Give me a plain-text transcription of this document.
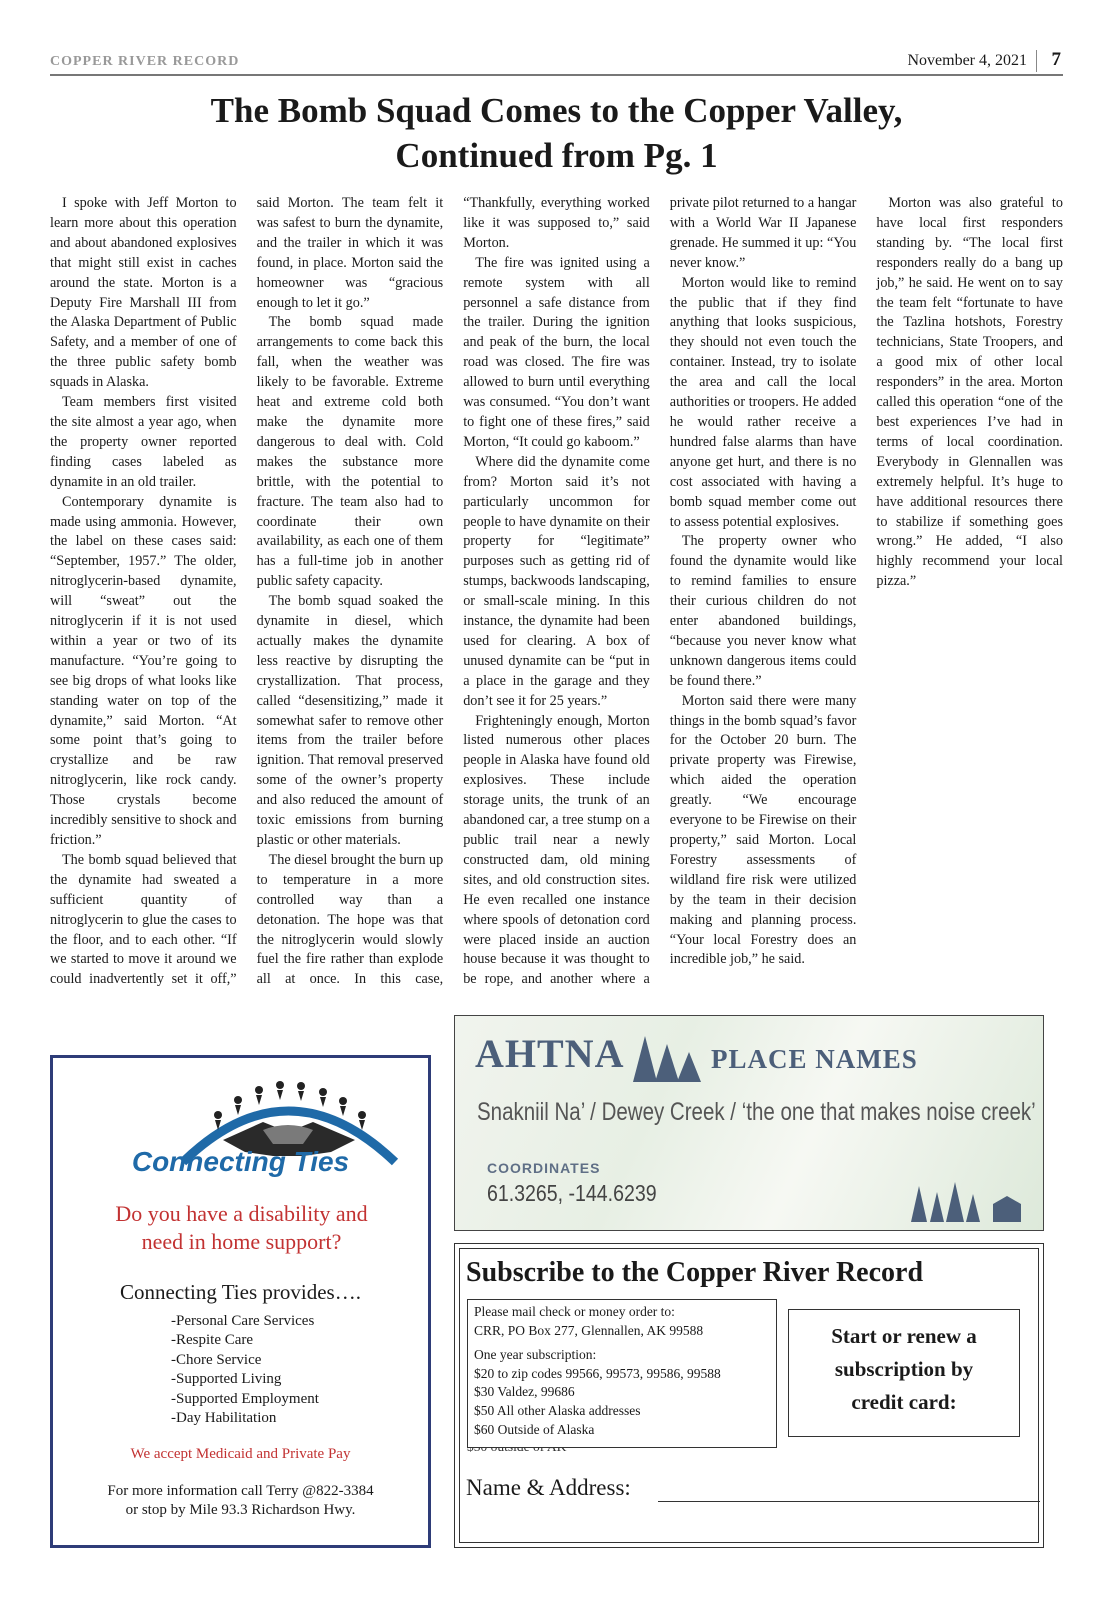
COPPER RIVER RECORD	November 4, 2021 7
The Bomb Squad Comes to the Copper Valley,
Continued from Pg. 1

I spoke with Jeff Morton to learn more about this operation and about abandoned explosives that might still exist in caches around the state. Morton is a Deputy Fire Marshall III from the Alaska Department of Public Safety, and a member of one of the three public safety bomb squads in Alaska.

Team members first visited the site almost a year ago, when the property owner reported finding cases labeled as dynamite in an old trailer.

Contemporary dynamite is made using ammonia. However, the label on these cases said: “September, 1957.” The older, nitroglycerin-based dynamite, will “sweat” out the nitroglycerin if it is not used within a year or two of its manufacture. “You’re going to see big drops of what looks like standing water on top of the dynamite,” said Morton. “At some point that’s going to crystallize and be raw nitroglycerin, like rock candy. Those crystals become incredibly sensitive to shock and friction.”

The bomb squad believed that the dynamite had sweated a sufficient quantity of nitroglycerin to glue the cases to the floor, and to each other. “If we started to move it around we could inadvertently set it off,” said Morton. The team felt it was safest to burn the dynamite, and the trailer in which it was found, in place. Morton said the homeowner was “gracious enough to let it go.”

The bomb squad made arrangements to come back this fall, when the weather was likely to be favorable. Extreme heat and extreme cold both make the dynamite more dangerous to deal with. Cold makes the substance more brittle, with the potential to fracture. The team also had to coordinate their own availability, as each one of them has a full-time job in another public safety capacity.

The bomb squad soaked the dynamite in diesel, which actually makes the dynamite less reactive by disrupting the crystallization. That process, called “desensitizing,” made it somewhat safer to remove other items from the trailer before ignition. That removal preserved some of the owner’s property and also reduced the amount of toxic emissions from burning plastic or other materials.

The diesel brought the burn up to temperature in a more controlled way than a detonation. The hope was that the nitroglycerin would slowly fuel the fire rather than explode all at once. In this case, “Thankfully, everything worked like it was supposed to,” said Morton.

The fire was ignited using a remote system with all personnel a safe distance from the trailer. During the ignition and peak of the burn, the local road was closed. The fire was allowed to burn until everything was consumed. “You don’t want to fight one of these fires,” said Morton, “It could go kaboom.”

Where did the dynamite come from? Morton said it’s not particularly uncommon for people to have dynamite on their property for “legitimate” purposes such as getting rid of stumps, backwoods landscaping, or small-scale mining. In this instance, the dynamite had been used for clearing. A box of unused dynamite can be “put in a place in the garage and they don’t see it for 25 years.”

Frighteningly enough, Morton listed numerous other places people in Alaska have found old explosives. These include storage units, the trunk of an abandoned car, a tree stump on a public trail near a newly constructed dam, old mining sites, and old construction sites. He even recalled one instance where spools of detonation cord were placed inside an auction house because it was thought to be rope, and another where a private pilot returned to a hangar with a World War II Japanese grenade. He summed it up: “You never know.”

Morton would like to remind the public that if they find anything that looks suspicious, they should not even touch the container. Instead, try to isolate the area and call the local authorities or troopers. He added he would rather receive a hundred false alarms than have anyone get hurt, and there is no cost associated with having a bomb squad member come out to assess potential explosives.

The property owner who found the dynamite would like to remind families to ensure their curious children do not enter abandoned buildings, “because you never know what unknown dangerous items could be found there.”

Morton said there were many things in the bomb squad’s favor for the October 20 burn. The private property was Firewise, which aided the operation greatly. “We encourage everyone to be Firewise on their property,” said Morton. Local Forestry assessments of wildland fire risk were utilized by the team in their decision making and planning process. “Your local Forestry does an incredible job,” he said.

Morton was also grateful to have local first responders standing by. “The local first responders really do a bang up job,” he said. He went on to say the team felt “fortunate to have the Tazlina hotshots, Forestry technicians, State Troopers, and a good mix of other local responders” in the area. Morton called this operation “one of the best experiences I’ve had in terms of local coordination. Everybody in Glennallen was extremely helpful. It’s huge to have additional resources there to stabilize if something goes wrong.” He added, “I also highly recommend your local pizza.”

Connecting Ties
Do you have a disability and
need in home support?
Connecting Ties provides….
-Personal Care Services
-Respite Care
-Chore Service
-Supported Living
-Supported Employment
-Day Habilitation
We accept Medicaid and Private Pay
For more information call Terry @822-3384
or stop by Mile 93.3 Richardson Hwy.
AHTNA	PLACE NAMES
Snakniil Na’ / Dewey Creek / ‘the one that makes noise creek’
COORDINATES
61.3265, -144.6239
Subscribe to the Copper River Record
Please mail check or money order to:
CRR, PO Box 277, Glennallen, AK 99588
One year subscription:
$20 to zip codes 99566, 99573, 99586, 99588
$30 Valdez, 99686
$50 All other Alaska addresses
$60 Outside of Alaska
Start or renew a
subscription by
credit card:
Name & Address:
